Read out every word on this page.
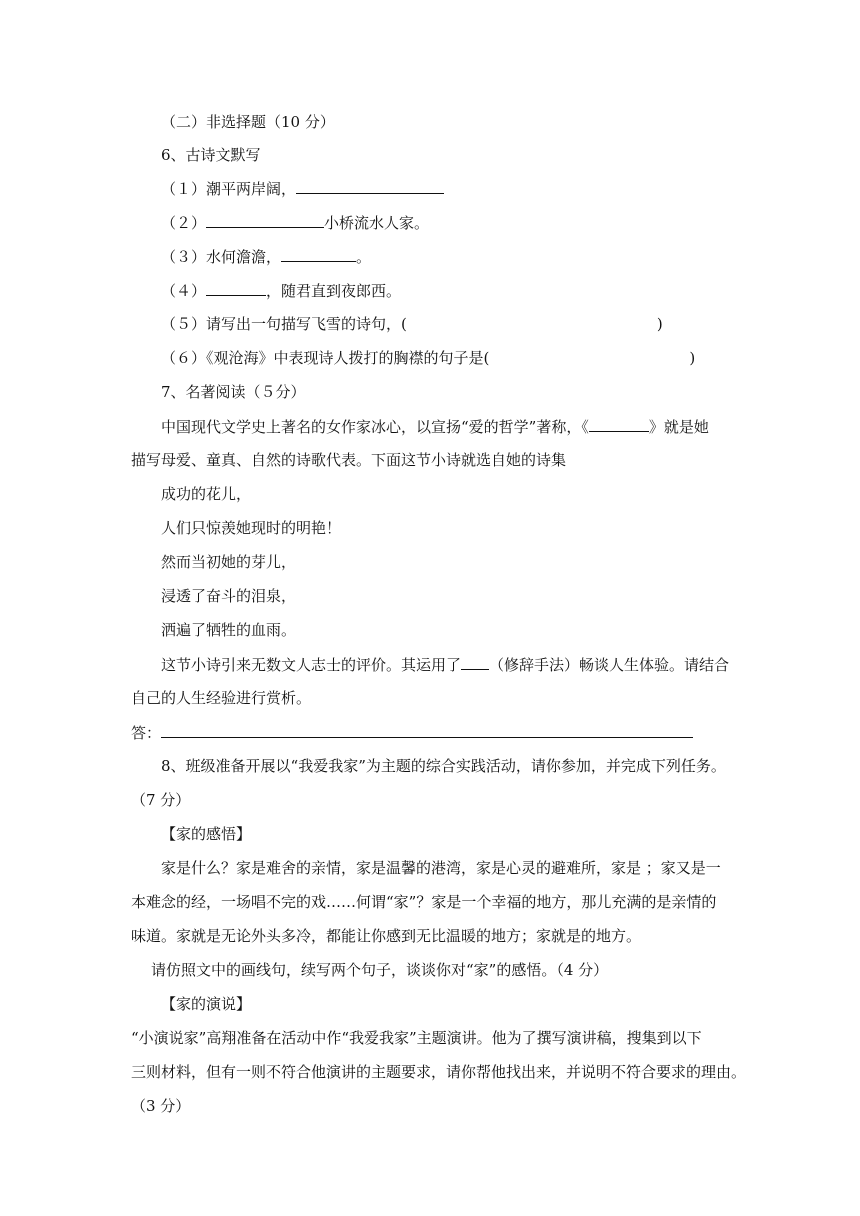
（二）非选择题（10 分）
6、古诗文默写
（１）潮平两岸阔，
（２）	小桥流水人家。
（３）水何澹澹，	。
（４）	，随君直到夜郎西。
（５）请写出一句描写飞雪的诗句，(	)
（６）《观沧海》中表现诗人拨打的胸襟的句子是(	)
7、名著阅读（５分）
中国现代文学史上著名的女作家冰心，以宣扬“爱的哲学”著称，《	》就是她
描写母爱、童真、自然的诗歌代表。下面这节小诗就选自她的诗集
成功的花儿，
人们只惊羡她现时的明艳！
然而当初她的芽儿，
浸透了奋斗的泪泉，
洒遍了牺牲的血雨。
这节小诗引来无数文人志士的评价。其运用了 （修辞手法）畅谈人生体验。请结合
自己的人生经验进行赏析。
答：
8、班级准备开展以“我爱我家”为主题的综合实践活动，请你参加，并完成下列任务。
（7 分）
【家的感悟】
家是什么？家是难舍的亲情，家是温馨的港湾，家是心灵的避难所，家是 ；家又是一
本难念的经，一场唱不完的戏……何谓“家”？家是一个幸福的地方，那儿充满的是亲情的
味道。家就是无论外头多冷，都能让你感到无比温暖的地方；家就是的地方。
请仿照文中的画线句，续写两个句子，谈谈你对“家”的感悟。（4 分）
【家的演说】
“小演说家”高翔准备在活动中作“我爱我家”主题演讲。他为了撰写演讲稿，搜集到以下
三则材料，但有一则不符合他演讲的主题要求，请你帮他找出来，并说明不符合要求的理由。
（3 分）
